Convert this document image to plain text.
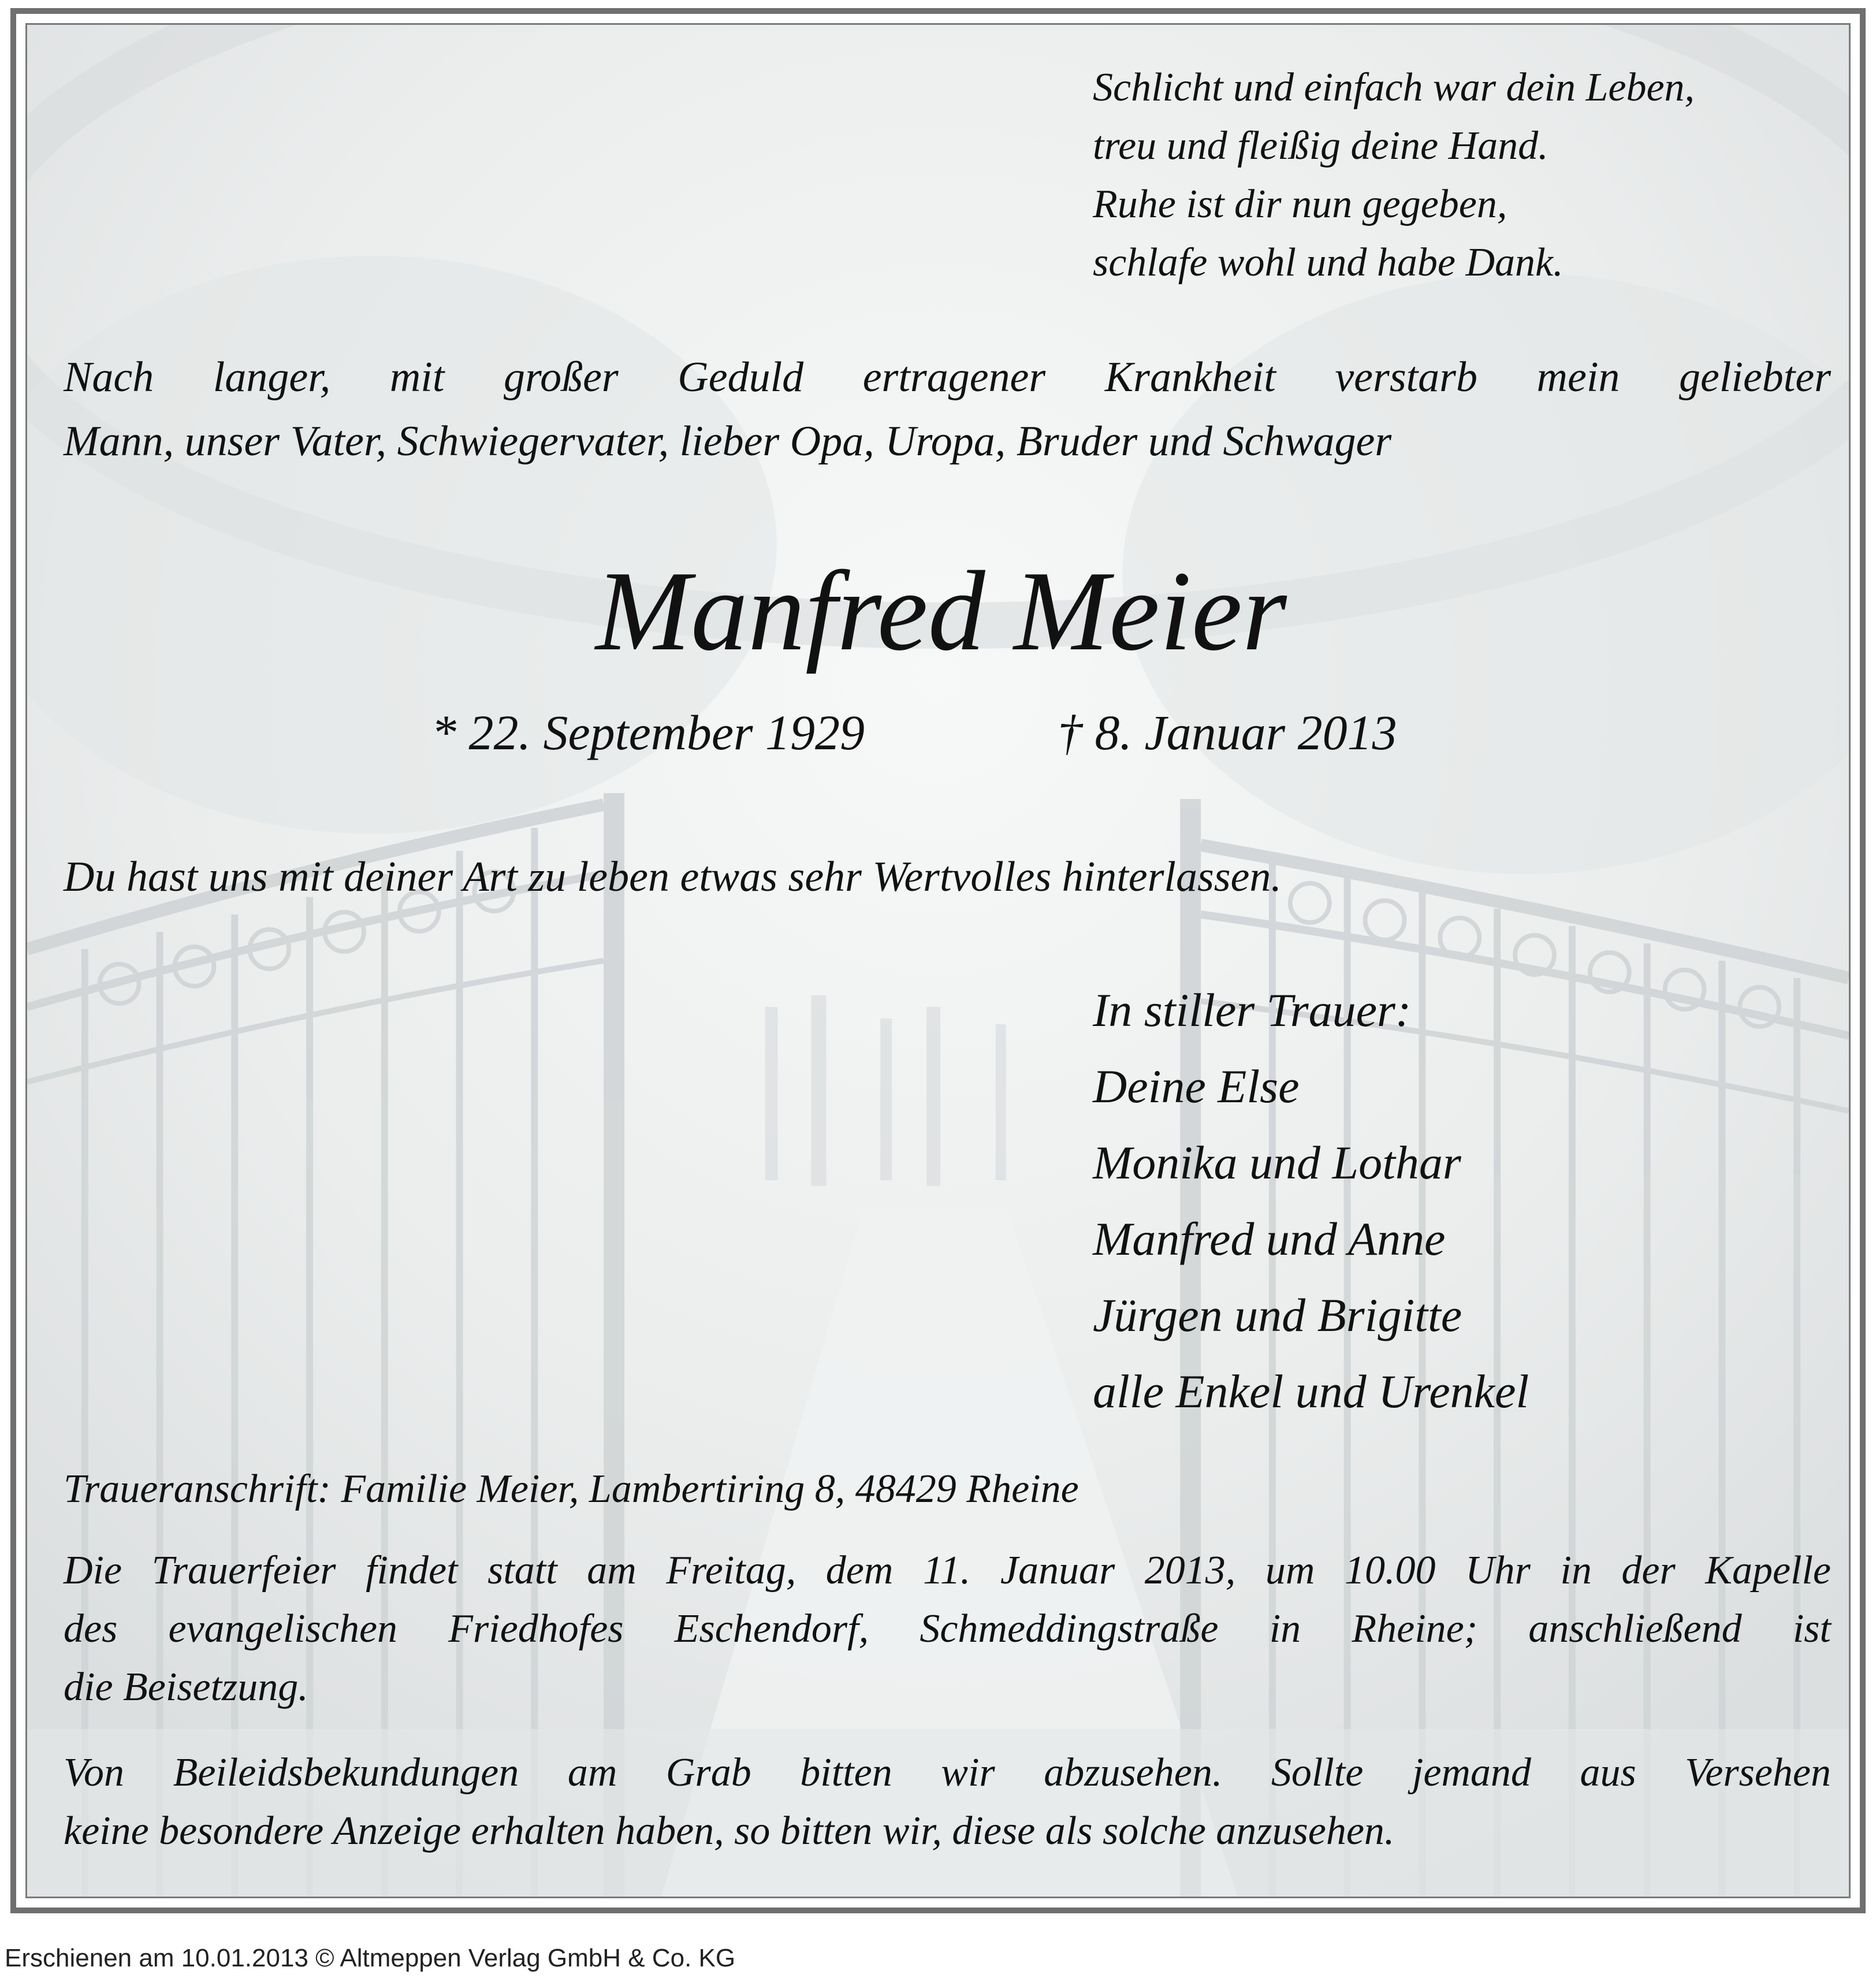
Schlicht und einfach war dein Leben,
treu und fleißig deine Hand.
Ruhe ist dir nun gegeben,
schlafe wohl und habe Dank.
Nach langer, mit großer Geduld ertragener Krankheit verstarb mein geliebter
Mann, unser Vater, Schwiegervater, lieber Opa, Uropa, Bruder und Schwager
Manfred Meier
* 22. September 1929	† 8. Januar 2013
Du hast uns mit deiner Art zu leben etwas sehr Wertvolles hinterlassen.
In stiller Trauer:
Deine Else
Monika und Lothar
Manfred und Anne
Jürgen und Brigitte
alle Enkel und Urenkel
Traueranschrift: Familie Meier, Lambertiring 8, 48429 Rheine
Die Trauerfeier findet statt am Freitag, dem 11. Januar 2013, um 10.00 Uhr in der Kapelle
des evangelischen Friedhofes Eschendorf, Schmeddingstraße in Rheine; anschließend ist
die Beisetzung.
Von Beileidsbekundungen am Grab bitten wir abzusehen. Sollte jemand aus Versehen
keine besondere Anzeige erhalten haben, so bitten wir, diese als solche anzusehen.
Erschienen am 10.01.2013 © Altmeppen Verlag GmbH & Co. KG
